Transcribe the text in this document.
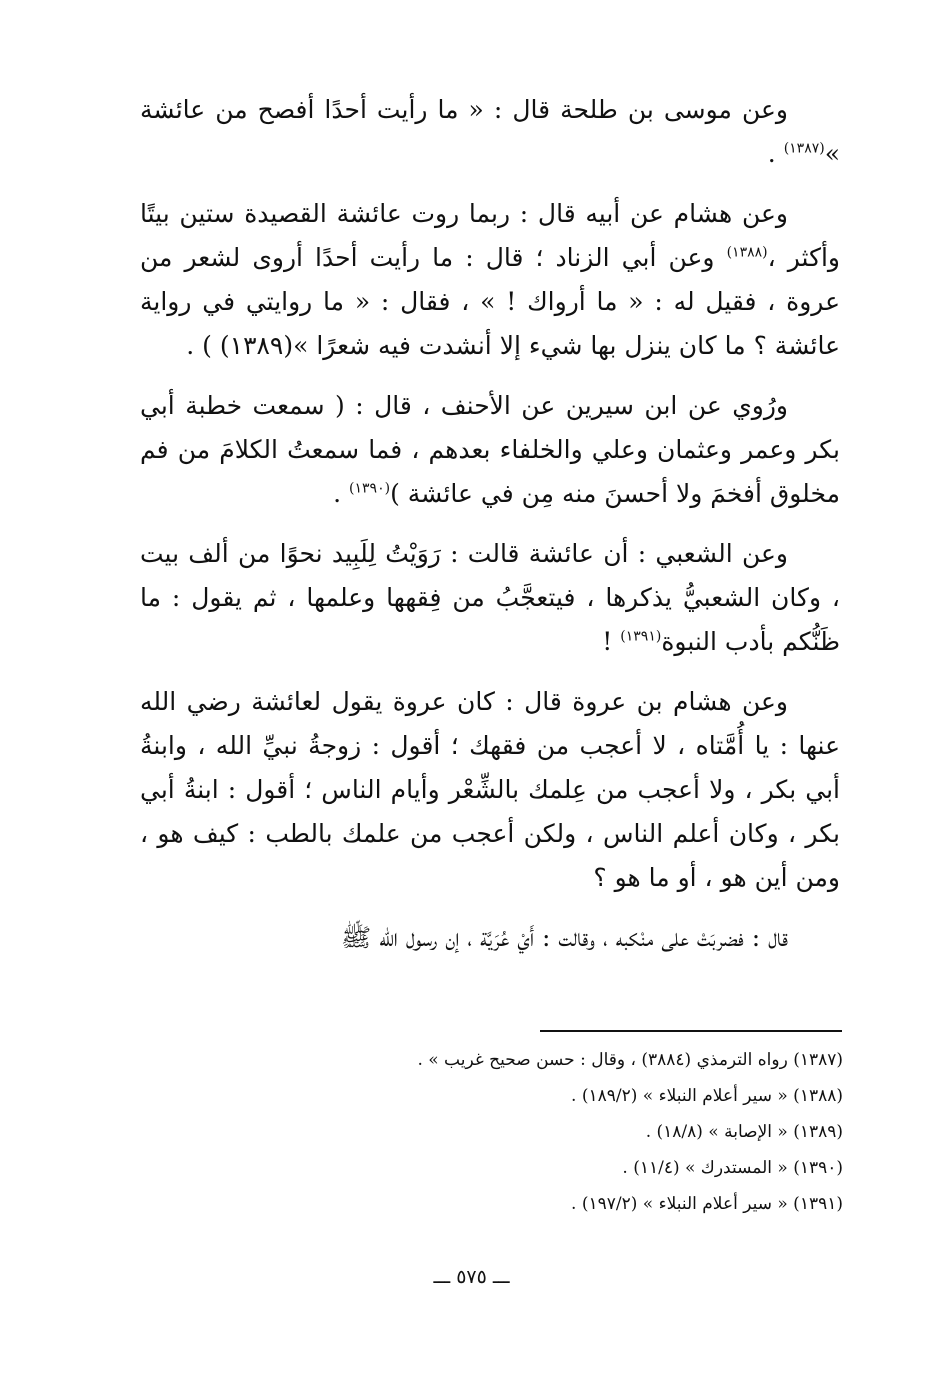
وعن موسى بن طلحة قال : « ما رأيت أحدًا أفصح من عائشة »$^{(١٣٨٧)}$ .

وعن هشام عن أبيه قال : ربما روت عائشة القصيدة ستين بيتًا وأكثر ،$^{(١٣٨٨)}$ وعن أبي الزناد ؛ قال : ما رأيت أحدًا أروى لشعر من عروة ، فقيل له : « ما أرواك ! » ، فقال : « ما روايتي في رواية عائشة ؟ ما كان ينزل بها شيء إلا أنشدت فيه شعرًا »(١٣٨٩) ) .

ورُوي عن ابن سيرين عن الأحنف ، قال : ( سمعت خطبة أبي بكر وعمر وعثمان وعلي والخلفاء بعدهم ، فما سمعتُ الكلامَ من فم مخلوق أفخمَ ولا أحسنَ منه مِن في عائشة )$^{(١٣٩٠)}$ .

وعن الشعبي : أن عائشة قالت : رَوَيْتُ لِلَبِيد نحوًا من ألف بيت ، وكان الشعبيُّ يذكرها ، فيتعجَّبُ من فِقهها وعلمها ، ثم يقول : ما ظَنُّكم بأدب النبوة$^{(١٣٩١)}$ !

وعن هشام بن عروة قال : كان عروة يقول لعائشة رضي الله عنها : يا أُمَّتاه ، لا أعجب من فقهك ؛ أقول : زوجةُ نبيِّ الله ، وابنةُ أبي بكر ، ولا أعجب من عِلمك بالشِّعْر وأيام الناس ؛ أقول : ابنةُ أبي بكر ، وكان أعلم الناس ، ولكن أعجب من علمك بالطب : كيف هو ، ومن أين هو ، أو ما هو ؟

قال : فضربَتْ على منْكبه ، وقالت : أَيْ عُرَيَّة ، إن رسول الله ﷺ

(١٣٨٧) رواه الترمذي (٣٨٨٤) ، وقال : حسن صحيح غريب » .

(١٣٨٨) « سير أعلام النبلاء » (١٨٩/٢) .

(١٣٨٩) « الإصابة » (١٨/٨) .

(١٣٩٠) « المستدرك » (١١/٤) .

(١٣٩١) « سير أعلام النبلاء » (١٩٧/٢) .

ـــ ٥٧٥ ـــ
